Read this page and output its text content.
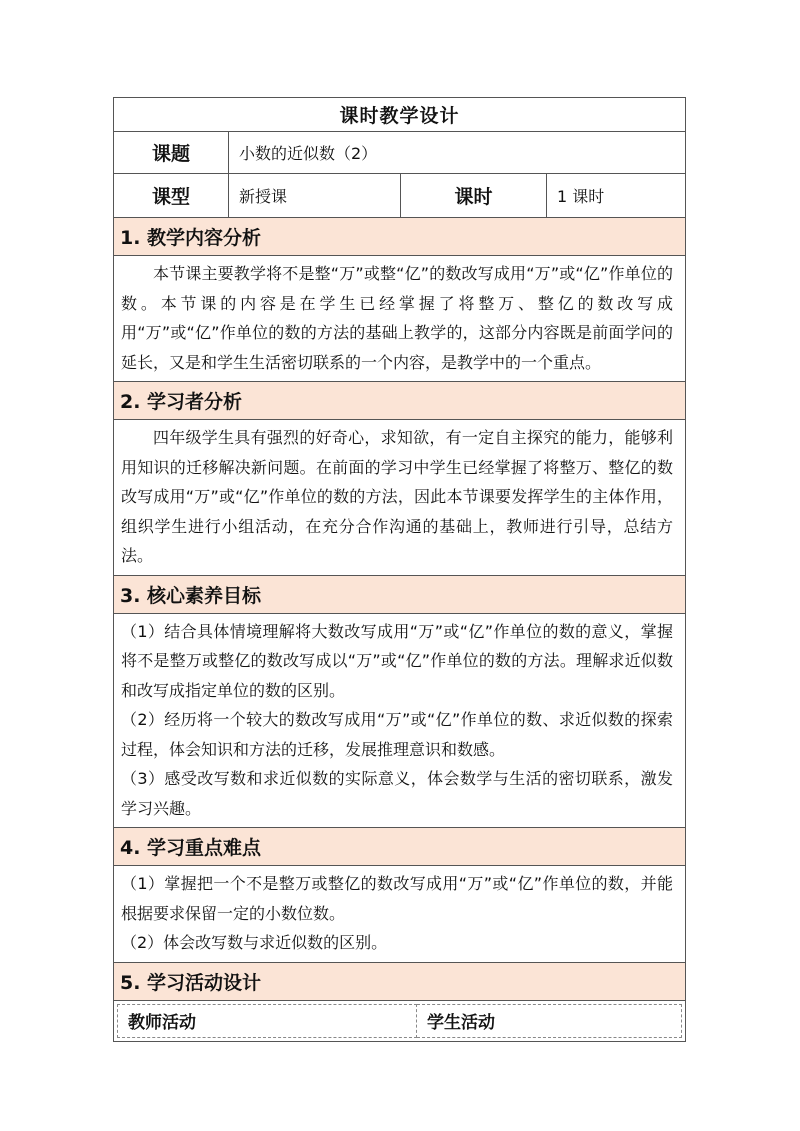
课时教学设计
课题	小数的近似数（2）
课型	新授课	课时	1 课时
1. 教学内容分析

本节课主要教学将不是整“万”或整“亿”的数改写成用“万”或“亿”作单位的数。本节课的内容是在学生已经掌握了将整万、整亿的数改写成用“万”或“亿”作单位的数的方法的基础上教学的，这部分内容既是前面学问的延长，又是和学生生活密切联系的一个内容，是教学中的一个重点。

2. 学习者分析

四年级学生具有强烈的好奇心，求知欲，有一定自主探究的能力，能够利用知识的迁移解决新问题。在前面的学习中学生已经掌握了将整万、整亿的数改写成用“万”或“亿”作单位的数的方法，因此本节课要发挥学生的主体作用，组织学生进行小组活动，在充分合作沟通的基础上，教师进行引导，总结方法。

3. 核心素养目标

（1）结合具体情境理解将大数改写成用“万”或“亿”作单位的数的意义，掌握将不是整万或整亿的数改写成以“万”或“亿”作单位的数的方法。理解求近似数和改写成指定单位的数的区别。

（2）经历将一个较大的数改写成用“万”或“亿”作单位的数、求近似数的探索过程，体会知识和方法的迁移，发展推理意识和数感。

（3）感受改写数和求近似数的实际意义，体会数学与生活的密切联系，激发学习兴趣。

4. 学习重点难点

（1）掌握把一个不是整万或整亿的数改写成用“万”或“亿”作单位的数，并能根据要求保留一定的小数位数。

（2）体会改写数与求近似数的区别。

5. 学习活动设计
教师活动	学生活动
